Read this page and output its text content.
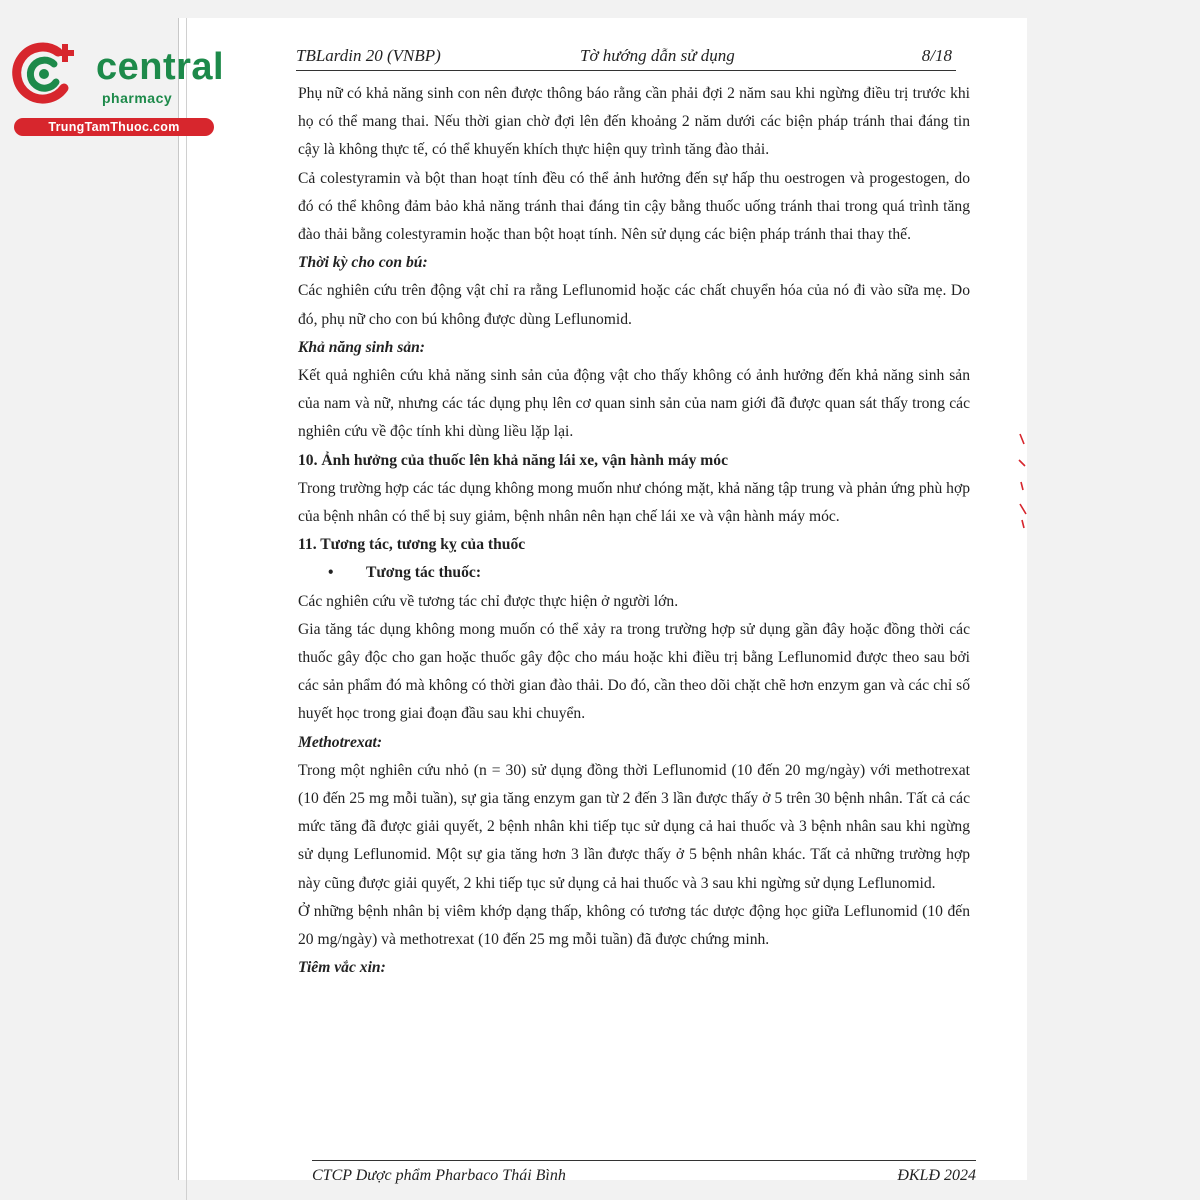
central
pharmacy
TrungTamThuoc.com
TBLardin 20 (VNBP)	Tờ hướng dẫn sử dụng	8/18

Phụ nữ có khả năng sinh con nên được thông báo rằng cần phải đợi 2 năm sau khi ngừng điều trị trước khi họ có thể mang thai. Nếu thời gian chờ đợi lên đến khoảng 2 năm dưới các biện pháp tránh thai đáng tin cậy là không thực tế, có thể khuyến khích thực hiện quy trình tăng đào thải.

Cả colestyramin và bột than hoạt tính đều có thể ảnh hưởng đến sự hấp thu oestrogen và progestogen, do đó có thể không đảm bảo khả năng tránh thai đáng tin cậy bằng thuốc uống tránh thai trong quá trình tăng đào thải bằng colestyramin hoặc than bột hoạt tính. Nên sử dụng các biện pháp tránh thai thay thế.

Thời kỳ cho con bú:

Các nghiên cứu trên động vật chỉ ra rằng Leflunomid hoặc các chất chuyển hóa của nó đi vào sữa mẹ. Do đó, phụ nữ cho con bú không được dùng Leflunomid.

Khả năng sinh sản:

Kết quả nghiên cứu khả năng sinh sản của động vật cho thấy không có ảnh hưởng đến khả năng sinh sản của nam và nữ, nhưng các tác dụng phụ lên cơ quan sinh sản của nam giới đã được quan sát thấy trong các nghiên cứu về độc tính khi dùng liều lặp lại.

10. Ảnh hưởng của thuốc lên khả năng lái xe, vận hành máy móc

Trong trường hợp các tác dụng không mong muốn như chóng mặt, khả năng tập trung và phản ứng phù hợp của bệnh nhân có thể bị suy giảm, bệnh nhân nên hạn chế lái xe và vận hành máy móc.

11. Tương tác, tương kỵ của thuốc

• Tương tác thuốc:

Các nghiên cứu về tương tác chỉ được thực hiện ở người lớn.

Gia tăng tác dụng không mong muốn có thể xảy ra trong trường hợp sử dụng gần đây hoặc đồng thời các thuốc gây độc cho gan hoặc thuốc gây độc cho máu hoặc khi điều trị bằng Leflunomid được theo sau bởi các sản phẩm đó mà không có thời gian đào thải. Do đó, cần theo dõi chặt chẽ hơn enzym gan và các chỉ số huyết học trong giai đoạn đầu sau khi chuyển.

Methotrexat:

Trong một nghiên cứu nhỏ (n = 30) sử dụng đồng thời Leflunomid (10 đến 20 mg/ngày) với methotrexat (10 đến 25 mg mỗi tuần), sự gia tăng enzym gan từ 2 đến 3 lần được thấy ở 5 trên 30 bệnh nhân. Tất cả các mức tăng đã được giải quyết, 2 bệnh nhân khi tiếp tục sử dụng cả hai thuốc và 3 bệnh nhân sau khi ngừng sử dụng Leflunomid. Một sự gia tăng hơn 3 lần được thấy ở 5 bệnh nhân khác. Tất cả những trường hợp này cũng được giải quyết, 2 khi tiếp tục sử dụng cả hai thuốc và 3 sau khi ngừng sử dụng Leflunomid.

Ở những bệnh nhân bị viêm khớp dạng thấp, không có tương tác dược động học giữa Leflunomid (10 đến 20 mg/ngày) và methotrexat (10 đến 25 mg mỗi tuần) đã được chứng minh.

Tiêm vắc xin:

CTCP Dược phẩm Pharbaco Thái Bình	ĐKLĐ 2024
